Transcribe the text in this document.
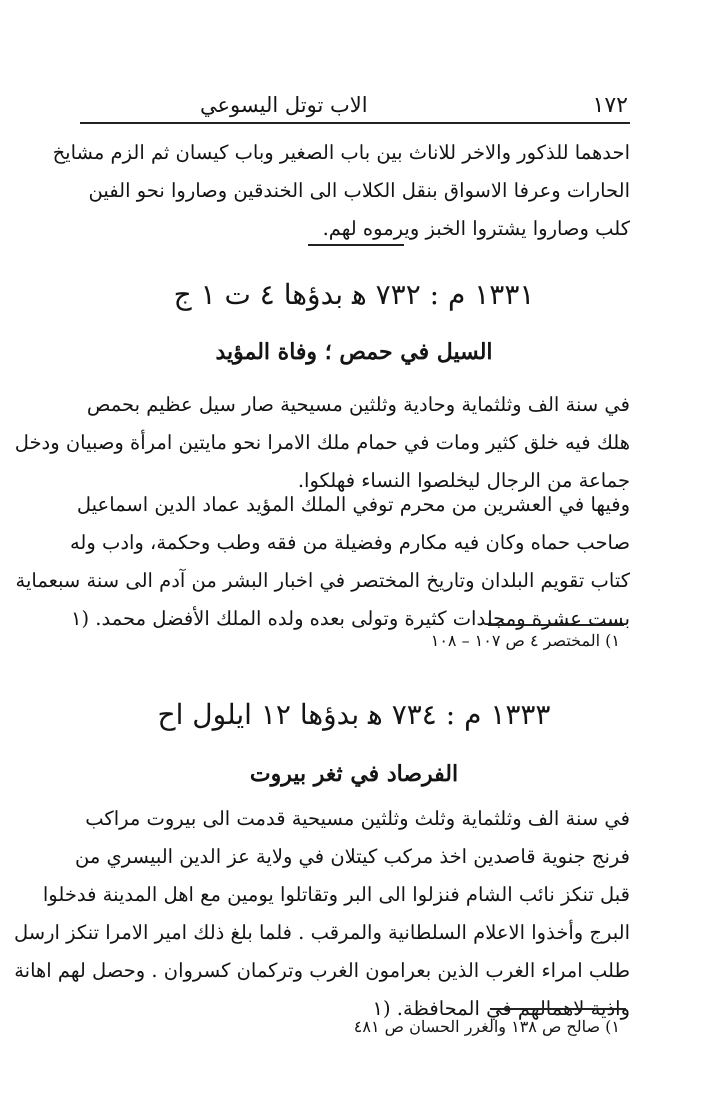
١٧٢
الاب توتل اليسوعي
احدهما للذكور والاخر للاناث بين باب الصغير وباب كيسان ثم الزم مشايخ
الحارات وعرفا الاسواق بنقل الكلاب الى الخندقين وصاروا نحو الفين
كلب وصاروا يشتروا الخبز ويرموه لهم.
١٣٣١ م : ٧٣٢ ﻫ بدؤها ٤ ت ١ ج
السيل في حمص ؛ وفاة المؤيد
في سنة الف وثلثماية وحادية وثلثين مسيحية صار سيل عظيم بحمص
هلك فيه خلق كثير ومات في حمام ملك الامرا نحو مايتين امرأة وصبيان ودخل
جماعة من الرجال ليخلصوا النساء فهلكوا.
وفيها في العشرين من محرم توفي الملك المؤيد عماد الدين اسماعيل
صاحب حماه وكان فيه مكارم وفضيلة من فقه وطب وحكمة، وادب وله
كتاب تقويم البلدان وتاريخ المختصر في اخبار البشر من آدم الى سنة سبعماية
بست عشرة ومجلدات كثيرة وتولى بعده ولده الملك الأفضل محمد. (١
١) المختصر ٤ ص ١٠٧ – ١٠٨
١٣٣٣ م : ٧٣٤ ﻫ بدؤها ١٢ ايلول اح
الفرصاد في ثغر بيروت
في سنة الف وثلثماية وثلث وثلثين مسيحية قدمت الى بيروت مراكب
فرنج جنوية قاصدين اخذ مركب كيتلان في ولاية عز الدين البيسري من
قبل تنكز نائب الشام فنزلوا الى البر وتقاتلوا يومين مع اهل المدينة فدخلوا
البرج وأخذوا الاعلام السلطانية والمرقب . فلما بلغ ذلك امير الامرا تنكز ارسل
طلب امراء الغرب الذين بعرامون الغرب وتركمان كسروان . وحصل لهم اهانة
واذية لاهمالهم في المحافظة. (١
١) صالح ص ١٣٨ والغرر الحسان ص ٤٨١
